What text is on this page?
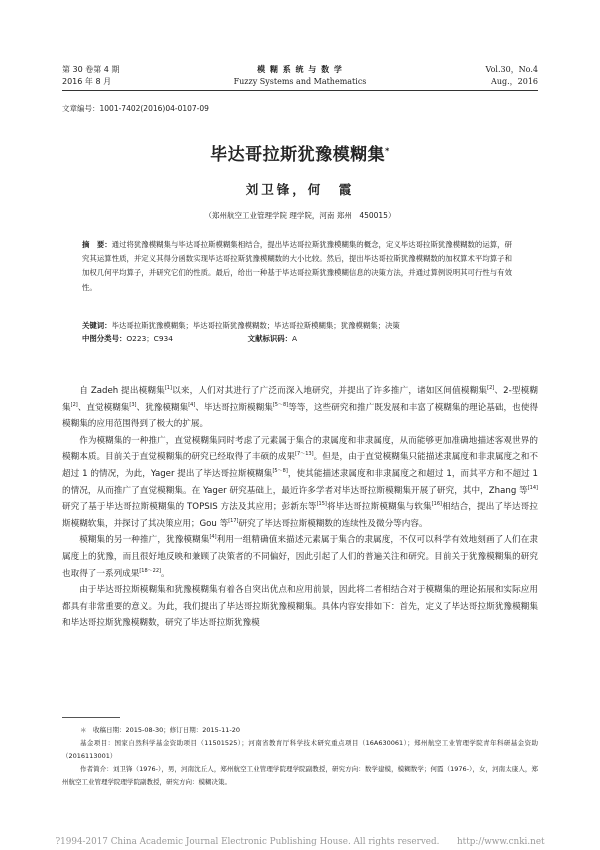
第 30 卷第 4 期
2016 年 8 月
模 糊 系 统 与 数 学
Fuzzy Systems and Mathematics
Vol.30，No.4
Aug.，2016
文章编号：1001-7402(2016)04-0107-09
毕达哥拉斯犹豫模糊集*
刘卫锋，何　霞
（郑州航空工业管理学院 理学院，河南 郑州　450015）
摘　要：通过将犹豫模糊集与毕达哥拉斯模糊集相结合，提出毕达哥拉斯犹豫模糊集的概念，定义毕达哥拉斯犹豫模糊数的运算，研究其运算性质，并定义其得分函数实现毕达哥拉斯犹豫模糊数的大小比较。然后，提出毕达哥拉斯犹豫模糊数的加权算术平均算子和加权几何平均算子，并研究它们的性质。最后，给出一种基于毕达哥拉斯犹豫模糊信息的决策方法，并通过算例说明其可行性与有效性。
关键词：毕达哥拉斯犹豫模糊集；毕达哥拉斯犹豫模糊数；毕达哥拉斯模糊集；犹豫模糊集；决策
中图分类号：O223；C934	文献标识码：A

自 Zadeh 提出模糊集[1]以来，人们对其进行了广泛而深入地研究，并提出了许多推广，诸如区间值模糊集[2]、2-型模糊集[2]、直觉模糊集[3]、犹豫模糊集[4]、毕达哥拉斯模糊集[5～8]等等，这些研究和推广既发展和丰富了模糊集的理论基础，也使得模糊集的应用范围得到了极大的扩展。

作为模糊集的一种推广，直觉模糊集同时考虑了元素属于集合的隶属度和非隶属度，从而能够更加准确地描述客观世界的模糊本质。目前关于直觉模糊集的研究已经取得了丰硕的成果[7～13]。但是，由于直觉模糊集只能描述隶属度和非隶属度之和不超过 1 的情况，为此，Yager 提出了毕达哥拉斯模糊集[5～8]，使其能描述隶属度和非隶属度之和超过 1，而其平方和不超过 1 的情况，从而推广了直觉模糊集。在 Yager 研究基础上，最近许多学者对毕达哥拉斯模糊集开展了研究，其中，Zhang 等[14]研究了基于毕达哥拉斯模糊集的 TOPSIS 方法及其应用；彭新东等[15]将毕达哥拉斯模糊集与软集[16]相结合，提出了毕达哥拉斯模糊软集，并探讨了其决策应用；Gou 等[17]研究了毕达哥拉斯模糊数的连续性及微分等内容。

模糊集的另一种推广，犹豫模糊集[4]利用一组精确值来描述元素属于集合的隶属度，不仅可以科学有效地刻画了人们在隶属度上的犹豫，而且很好地反映和兼顾了决策者的不同偏好，因此引起了人们的普遍关注和研究。目前关于犹豫模糊集的研究也取得了一系列成果[18～22]。

由于毕达哥拉斯模糊集和犹豫模糊集有着各自突出优点和应用前景，因此将二者相结合对于模糊集的理论拓展和实际应用都具有非常重要的意义。为此，我们提出了毕达哥拉斯犹豫模糊集。具体内容安排如下：首先，定义了毕达哥拉斯犹豫模糊集和毕达哥拉斯犹豫模糊数，研究了毕达哥拉斯犹豫模

＊　收稿日期：2015-08-30；修订日期：2015-11-20

基金项目：国家自然科学基金资助项目（11501525）；河南省教育厅科学技术研究重点项目（16A630061）；郑州航空工业管理学院青年科研基金资助（2016113001）

作者简介：刘卫锋（1976-），男，河南沈丘人，郑州航空工业管理学院理学院副教授，研究方向：数学建模，模糊数学；何霞（1976-），女，河南太康人，郑州航空工业管理学院理学院副教授，研究方向：模糊决策。

?1994-2017 China Academic Journal Electronic Publishing House. All rights reserved.　　http://www.cnki.net
